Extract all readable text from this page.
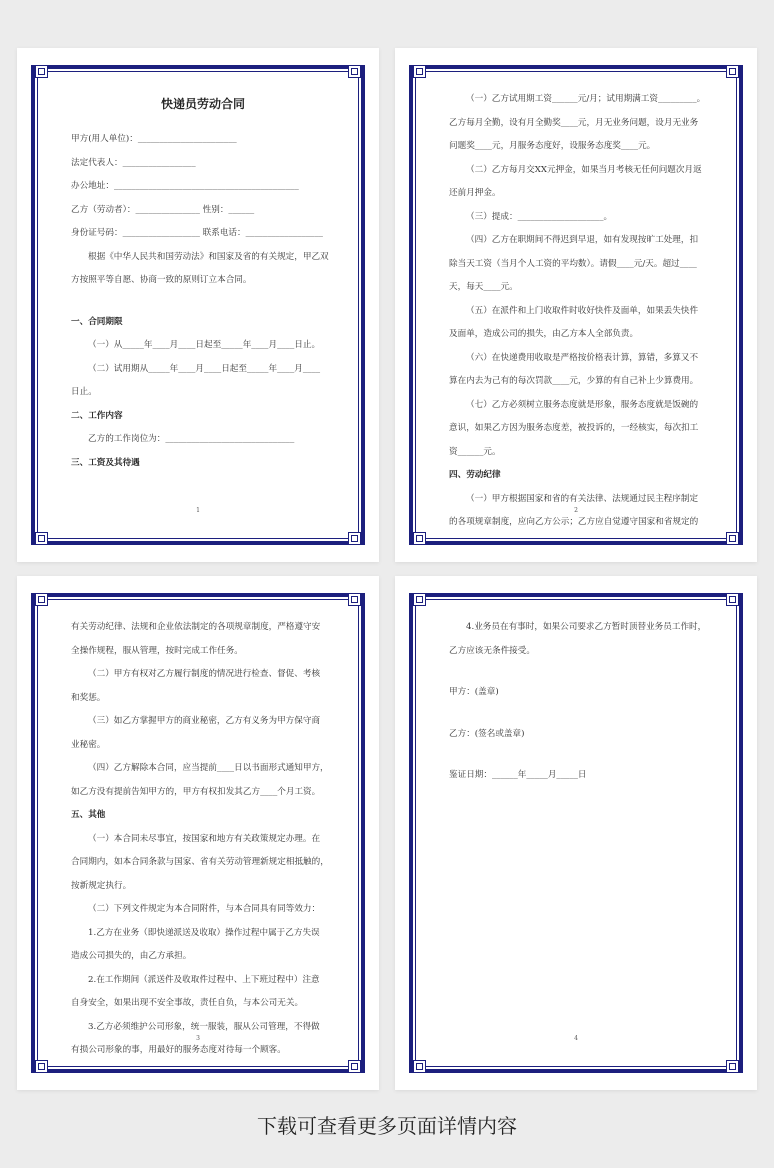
快递员劳动合同
甲方(用人单位)：_______________________
法定代表人：_________________
办公地址：___________________________________________
乙方（劳动者）：_______________ 性别：______
身份证号码：__________________ 联系电话：__________________
根据《中华人民共和国劳动法》和国家及省的有关规定，甲乙双
方按照平等自愿、协商一致的原则订立本合同。
一、合同期限
（一）从_____年____月____日起至_____年____月____日止。
（二）试用期从_____年____月____日起至_____年____月____
日止。
二、工作内容
乙方的工作岗位为：______________________________
三、工资及其待遇
1
（一）乙方试用期工资______元/月；试用期满工资_________。
乙方每月全勤，设有月全勤奖____元，月无业务问题，设月无业务
问题奖____元，月服务态度好，设服务态度奖____元。
（二）乙方每月交XX元押金，如果当月考核无任何问题次月返
还前月押金。
（三）提成：____________________。
（四）乙方在职期间不得迟到早退，如有发现按旷工处理，扣
除当天工资（当月个人工资的平均数）。请假____元/天。超过____
天，每天____元。
（五）在派件和上门收取件时收好快件及面单，如果丢失快件
及面单，造成公司的损失，由乙方本人全部负责。
（六）在快递费用收取是严格按价格表计算，算错，多算又不
算在内去为己有的每次罚款____元，少算的有自己补上少算费用。
（七）乙方必须树立服务态度就是形象，服务态度就是饭碗的
意识，如果乙方因为服务态度差，被投诉的，一经核实，每次扣工
资______元。
四、劳动纪律
（一）甲方根据国家和省的有关法律、法规通过民主程序制定
的各项规章制度，应向乙方公示；乙方应自觉遵守国家和省规定的
2
有关劳动纪律、法规和企业依法制定的各项规章制度，严格遵守安
全操作规程，服从管理，按时完成工作任务。
（二）甲方有权对乙方履行制度的情况进行检查、督促、考核
和奖惩。
（三）如乙方掌握甲方的商业秘密，乙方有义务为甲方保守商
业秘密。
（四）乙方解除本合同，应当提前____日以书面形式通知甲方，
如乙方没有提前告知甲方的，甲方有权扣发其乙方____个月工资。
五、其他
（一）本合同未尽事宜，按国家和地方有关政策规定办理。在
合同期内，如本合同条款与国家、省有关劳动管理新规定相抵触的，
按新规定执行。
（二）下列文件规定为本合同附件，与本合同具有同等效力：
1.乙方在业务（即快递派送及收取）操作过程中属于乙方失误
造成公司损失的，由乙方承担。
2.在工作期间（派送件及收取件过程中、上下班过程中）注意
自身安全，如果出现不安全事故，责任自负，与本公司无关。
3.乙方必须维护公司形象，统一服装，服从公司管理，不得做
有损公司形象的事，用最好的服务态度对待每一个顾客。
3
4.业务员在有事时，如果公司要求乙方暂时顶替业务员工作时，
乙方应该无条件接受。
甲方：(盖章)
乙方：(签名或盖章)
鉴证日期：______年_____月_____日
4
下载可查看更多页面详情内容
